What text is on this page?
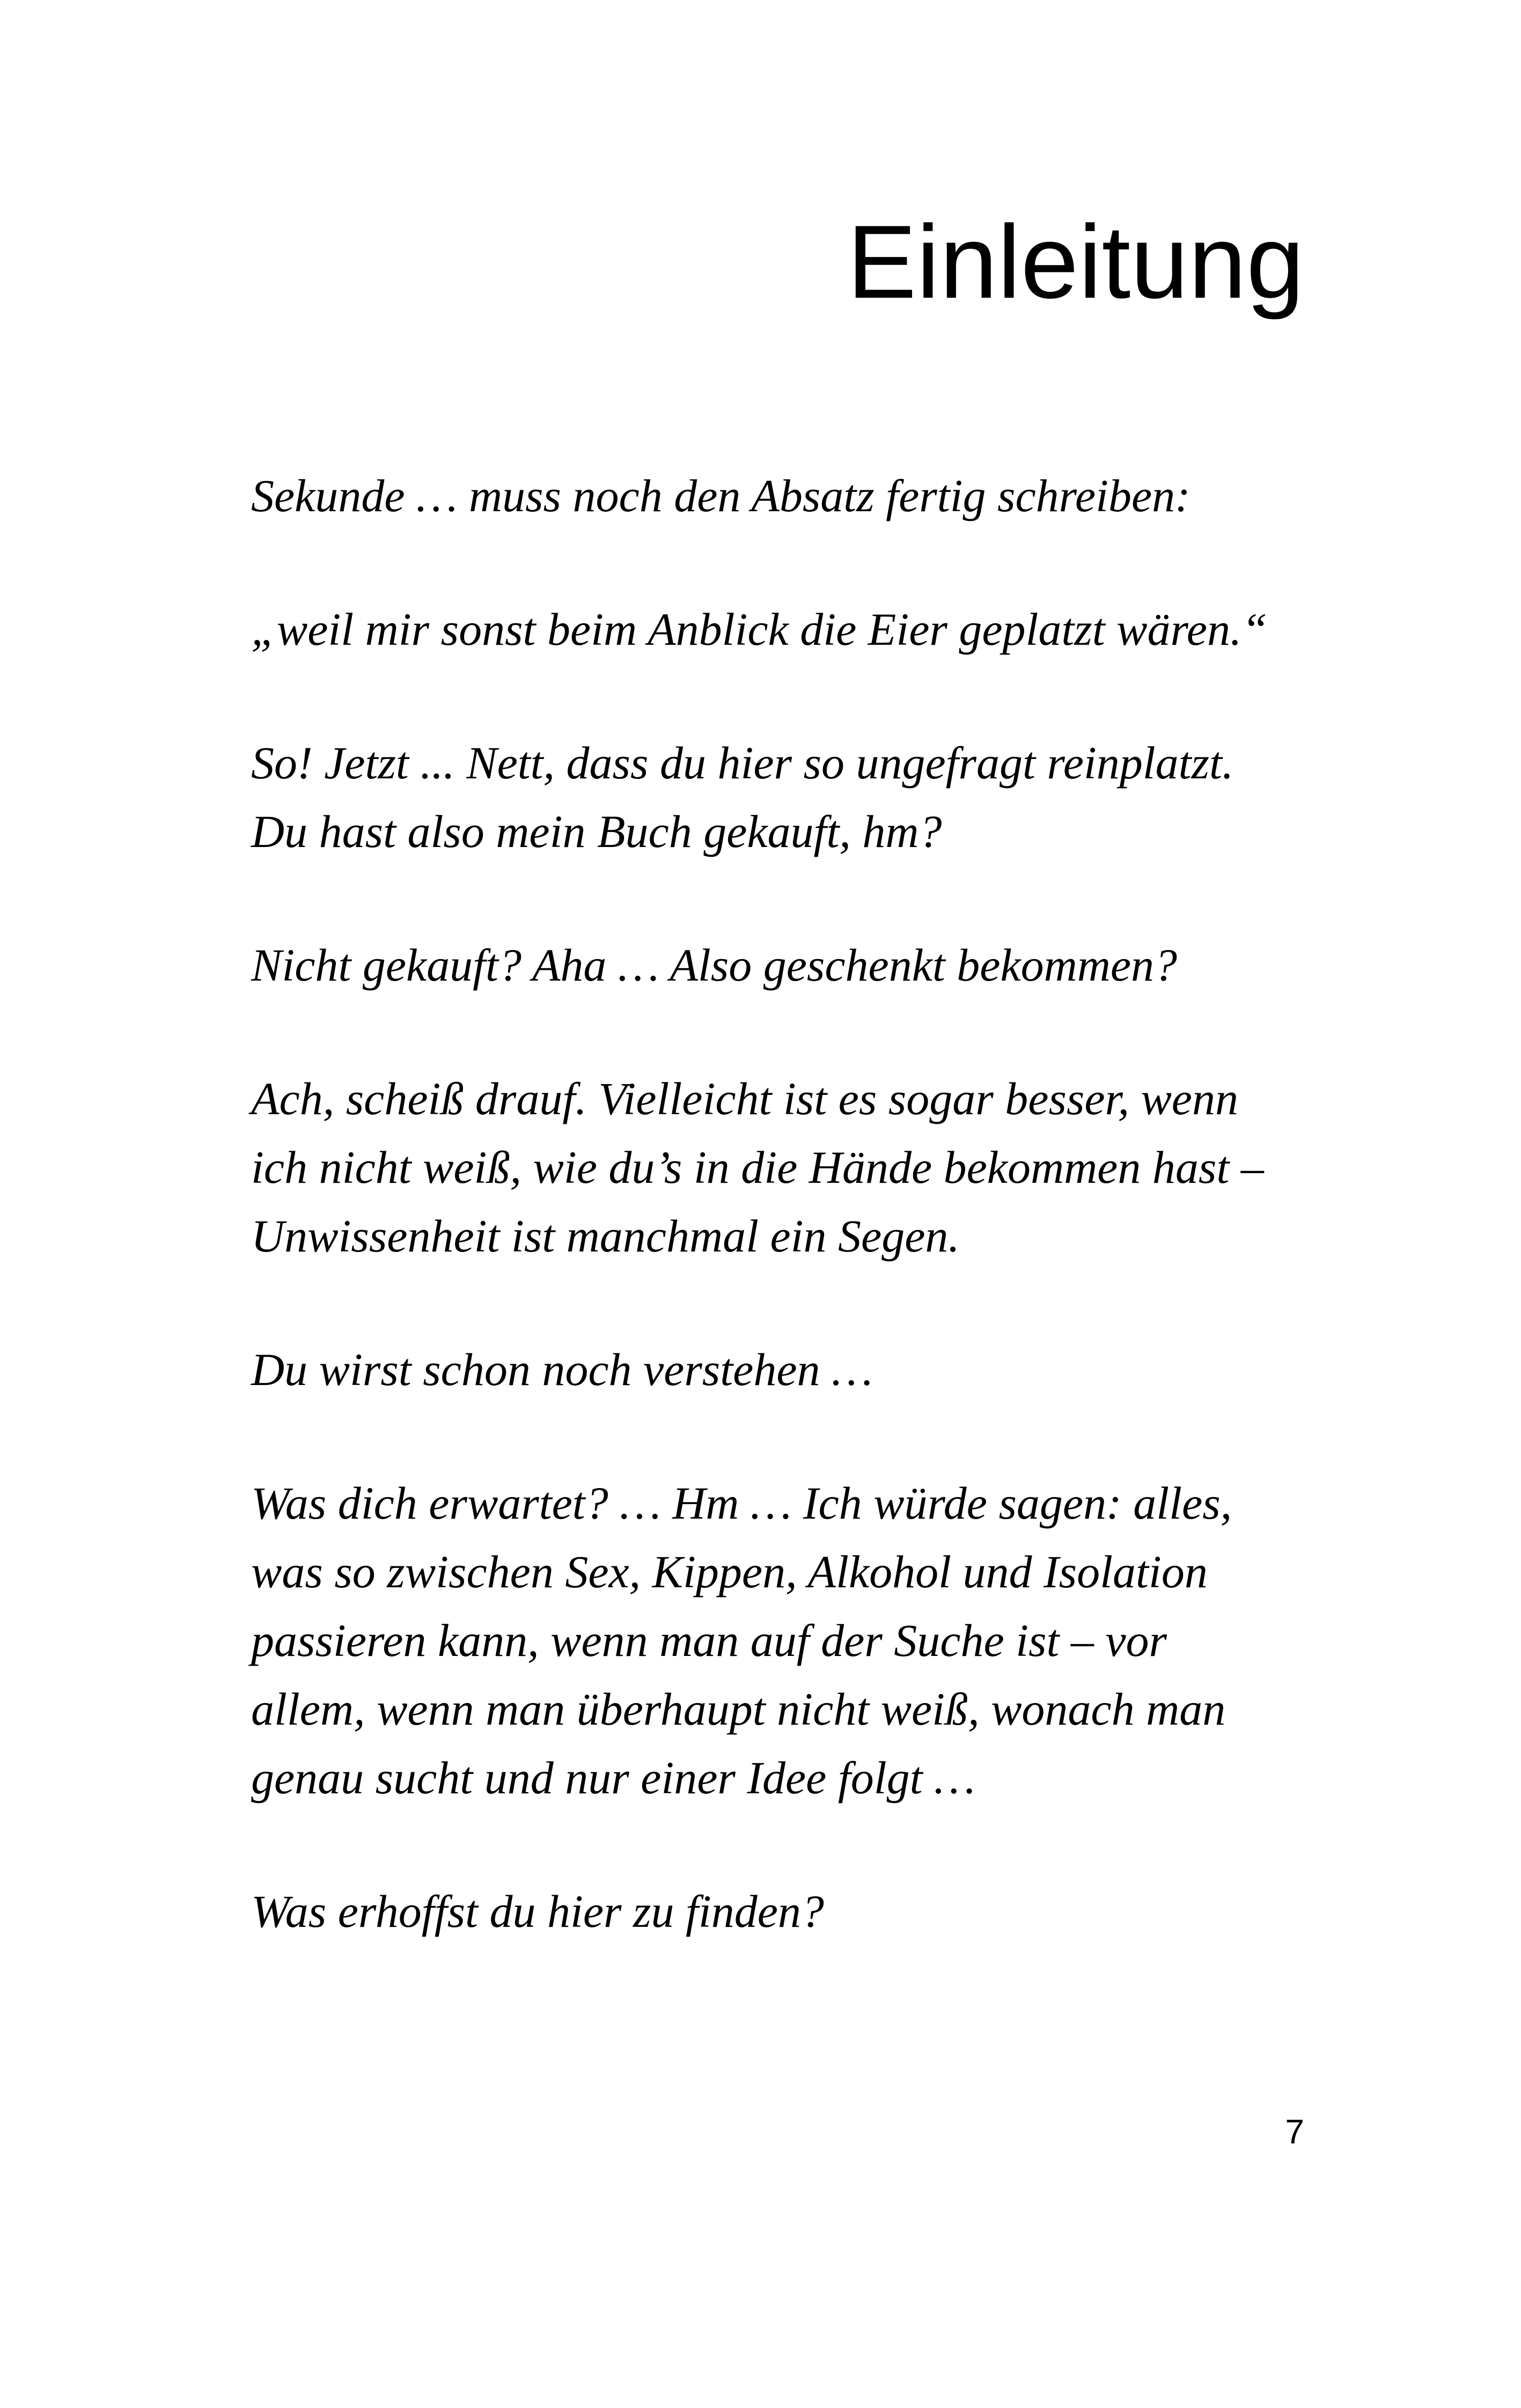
Einleitung

Sekunde … muss noch den Absatz fertig schreiben:

„weil mir sonst beim Anblick die Eier geplatzt wären.“

So! Jetzt ... Nett, dass du hier so ungefragt reinplatzt.
Du hast also mein Buch gekauft, hm?

Nicht gekauft? Aha … Also geschenkt bekommen?

Ach, scheiß drauf. Vielleicht ist es sogar besser, wenn
ich nicht weiß, wie du’s in die Hände bekommen hast –
Unwissenheit ist manchmal ein Segen.

Du wirst schon noch verstehen …

Was dich erwartet? … Hm … Ich würde sagen: alles,
was so zwischen Sex, Kippen, Alkohol und Isolation
passieren kann, wenn man auf der Suche ist – vor
allem, wenn man überhaupt nicht weiß, wonach man
genau sucht und nur einer Idee folgt …

Was erhoffst du hier zu finden?

7
